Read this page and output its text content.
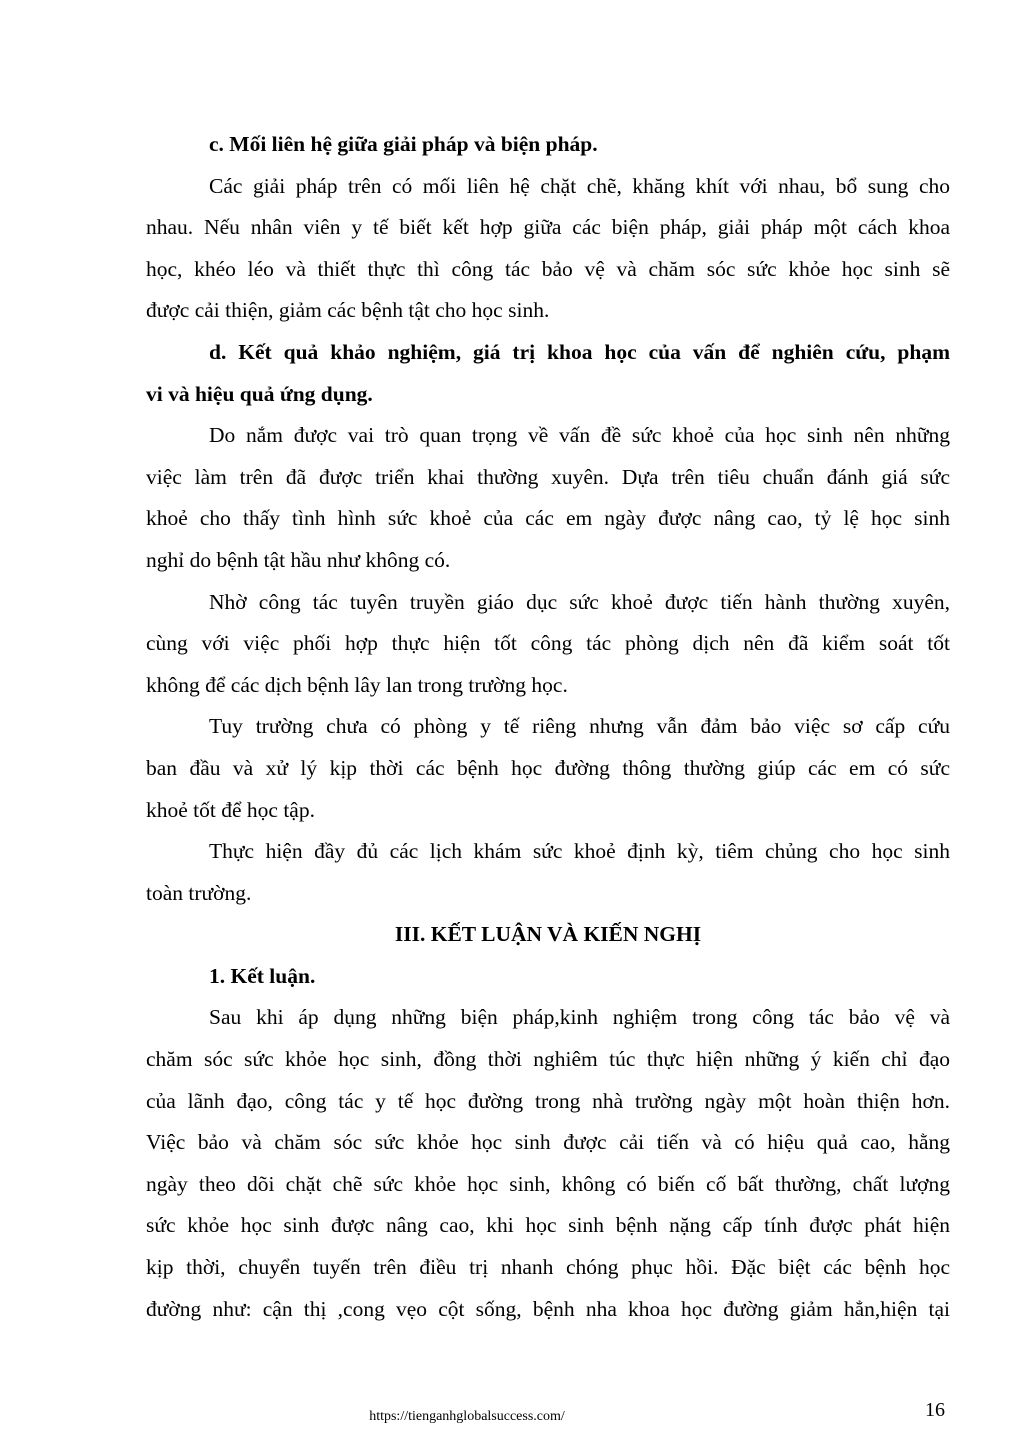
c. Mối liên hệ giữa giải pháp và biện pháp.
Các giải pháp trên có mối liên hệ chặt chẽ, khăng khít với nhau, bổ sung cho
nhau. Nếu nhân viên y tế biết kết hợp giữa các biện pháp, giải pháp một cách khoa
học, khéo léo và thiết thực thì công tác bảo vệ và chăm sóc sức khỏe học sinh sẽ
được cải thiện, giảm các bệnh tật cho học sinh.
d. Kết quả khảo nghiệm, giá trị khoa học của vấn để nghiên cứu, phạm
vi và hiệu quả ứng dụng.
Do nắm được vai trò quan trọng về vấn đề sức khoẻ của học sinh nên những
việc làm trên đã được triển khai thường xuyên. Dựa trên tiêu chuẩn đánh giá sức
khoẻ cho thấy tình hình sức khoẻ của các em ngày được nâng cao, tỷ lệ học sinh
nghỉ do bệnh tật hầu như không có.
Nhờ công tác tuyên truyền giáo dục sức khoẻ được tiến hành thường xuyên,
cùng với việc phối hợp thực hiện tốt công tác phòng dịch nên đã kiểm soát tốt
không để các dịch bệnh lây lan trong trường học.
Tuy trường chưa có phòng y tế riêng nhưng vẫn đảm bảo việc sơ cấp cứu
ban đầu và xử lý kịp thời các bệnh học đường thông thường giúp các em có sức
khoẻ tốt để học tập.
Thực hiện đầy đủ các lịch khám sức khoẻ định kỳ, tiêm chủng cho học sinh
toàn trường.
III. KẾT LUẬN VÀ KIẾN NGHỊ
1. Kết luận.
Sau khi áp dụng những biện pháp,kinh nghiệm trong công tác bảo vệ và
chăm sóc sức khỏe học sinh, đồng thời nghiêm túc thực hiện những ý kiến chỉ đạo
của lãnh đạo, công tác y tế học đường trong nhà trường ngày một hoàn thiện hơn.
Việc bảo và chăm sóc sức khỏe học sinh được cải tiến và có hiệu quả cao, hằng
ngày theo dõi chặt chẽ sức khỏe học sinh, không có biến cố bất thường, chất lượng
sức khỏe học sinh được nâng cao, khi học sinh bệnh nặng cấp tính được phát hiện
kịp thời, chuyển tuyến trên điều trị nhanh chóng phục hồi. Đặc biệt các bệnh học
đường như: cận thị ,cong vẹo cột sống, bệnh nha khoa học đường giảm hẳn,hiện tại
https://tienganhglobalsuccess.com/	16
